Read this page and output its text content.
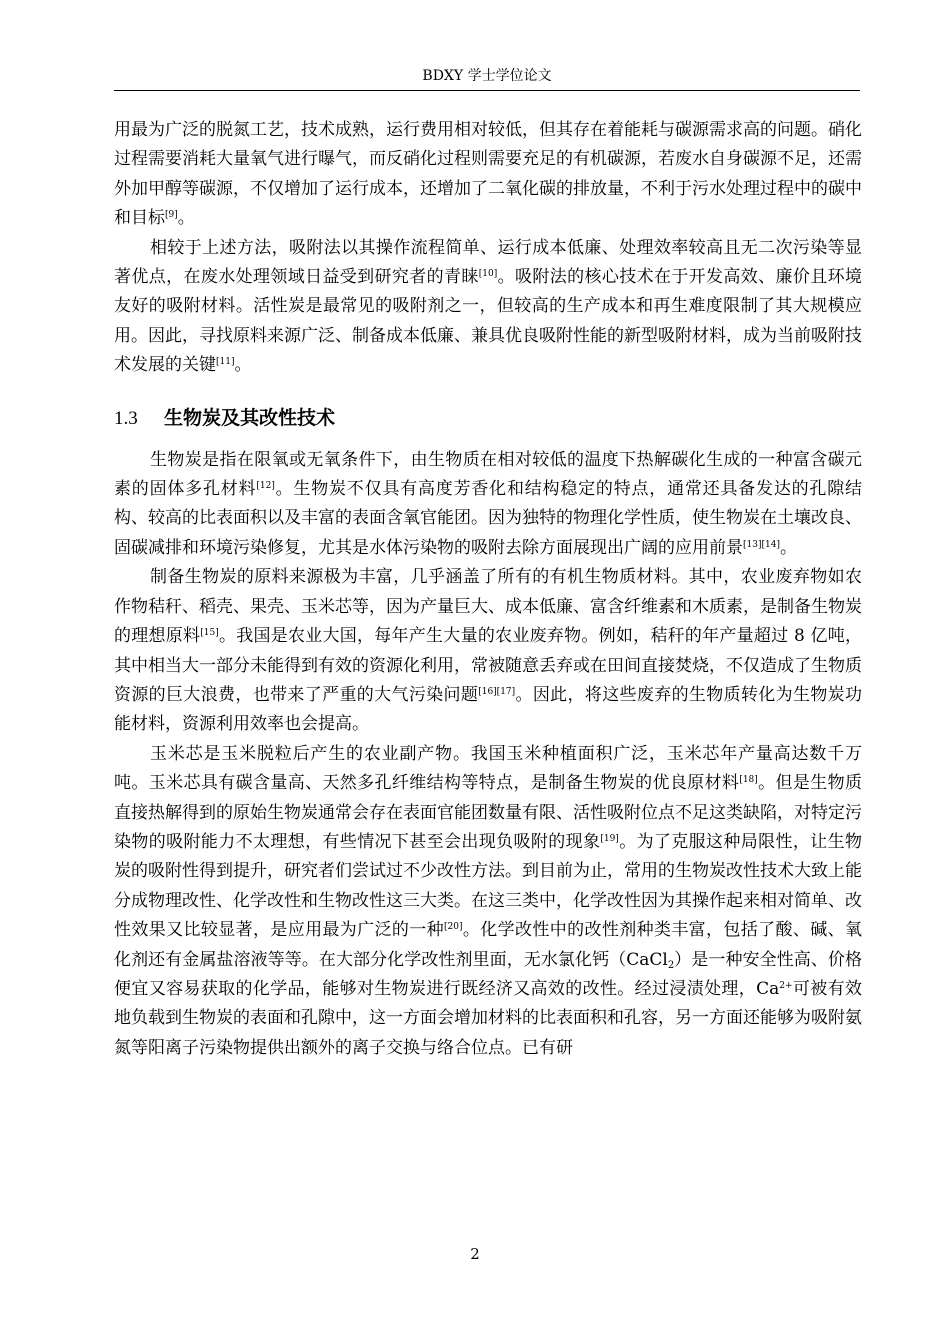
BDXY 学士学位论文

用最为广泛的脱氮工艺，技术成熟，运行费用相对较低，但其存在着能耗与碳源需求高的问题。硝化过程需要消耗大量氧气进行曝气，而反硝化过程则需要充足的有机碳源，若废水自身碳源不足，还需外加甲醇等碳源，不仅增加了运行成本，还增加了二氧化碳的排放量，不利于污水处理过程中的碳中和目标[9]。

相较于上述方法，吸附法以其操作流程简单、运行成本低廉、处理效率较高且无二次污染等显著优点，在废水处理领域日益受到研究者的青睐[10]。吸附法的核心技术在于开发高效、廉价且环境友好的吸附材料。活性炭是最常见的吸附剂之一，但较高的生产成本和再生难度限制了其大规模应用。因此，寻找原料来源广泛、制备成本低廉、兼具优良吸附性能的新型吸附材料，成为当前吸附技术发展的关键[11]。

1.3 生物炭及其改性技术

生物炭是指在限氧或无氧条件下，由生物质在相对较低的温度下热解碳化生成的一种富含碳元素的固体多孔材料[12]。生物炭不仅具有高度芳香化和结构稳定的特点，通常还具备发达的孔隙结构、较高的比表面积以及丰富的表面含氧官能团。因为独特的物理化学性质，使生物炭在土壤改良、固碳减排和环境污染修复，尤其是水体污染物的吸附去除方面展现出广阔的应用前景[13][14]。

制备生物炭的原料来源极为丰富，几乎涵盖了所有的有机生物质材料。其中，农业废弃物如农作物秸秆、稻壳、果壳、玉米芯等，因为产量巨大、成本低廉、富含纤维素和木质素，是制备生物炭的理想原料[15]。我国是农业大国，每年产生大量的农业废弃物。例如，秸秆的年产量超过 8 亿吨，其中相当大一部分未能得到有效的资源化利用，常被随意丢弃或在田间直接焚烧，不仅造成了生物质资源的巨大浪费，也带来了严重的大气污染问题[16][17]。因此，将这些废弃的生物质转化为生物炭功能材料，资源利用效率也会提高。

玉米芯是玉米脱粒后产生的农业副产物。我国玉米种植面积广泛，玉米芯年产量高达数千万吨。玉米芯具有碳含量高、天然多孔纤维结构等特点，是制备生物炭的优良原材料[18]。但是生物质直接热解得到的原始生物炭通常会存在表面官能团数量有限、活性吸附位点不足这类缺陷，对特定污染物的吸附能力不太理想，有些情况下甚至会出现负吸附的现象[19]。为了克服这种局限性，让生物炭的吸附性得到提升，研究者们尝试过不少改性方法。到目前为止，常用的生物炭改性技术大致上能分成物理改性、化学改性和生物改性这三大类。在这三类中，化学改性因为其操作起来相对简单、改性效果又比较显著，是应用最为广泛的一种[20]。化学改性中的改性剂种类丰富，包括了酸、碱、氧化剂还有金属盐溶液等等。在大部分化学改性剂里面，无水氯化钙（CaCl$_2$）是一种安全性高、价格便宜又容易获取的化学品，能够对生物炭进行既经济又高效的改性。经过浸渍处理，$Ca^{2+}$可被有效地负载到生物炭的表面和孔隙中，这一方面会增加材料的比表面积和孔容，另一方面还能够为吸附氨氮等阳离子污染物提供出额外的离子交换与络合位点。已有研

2
